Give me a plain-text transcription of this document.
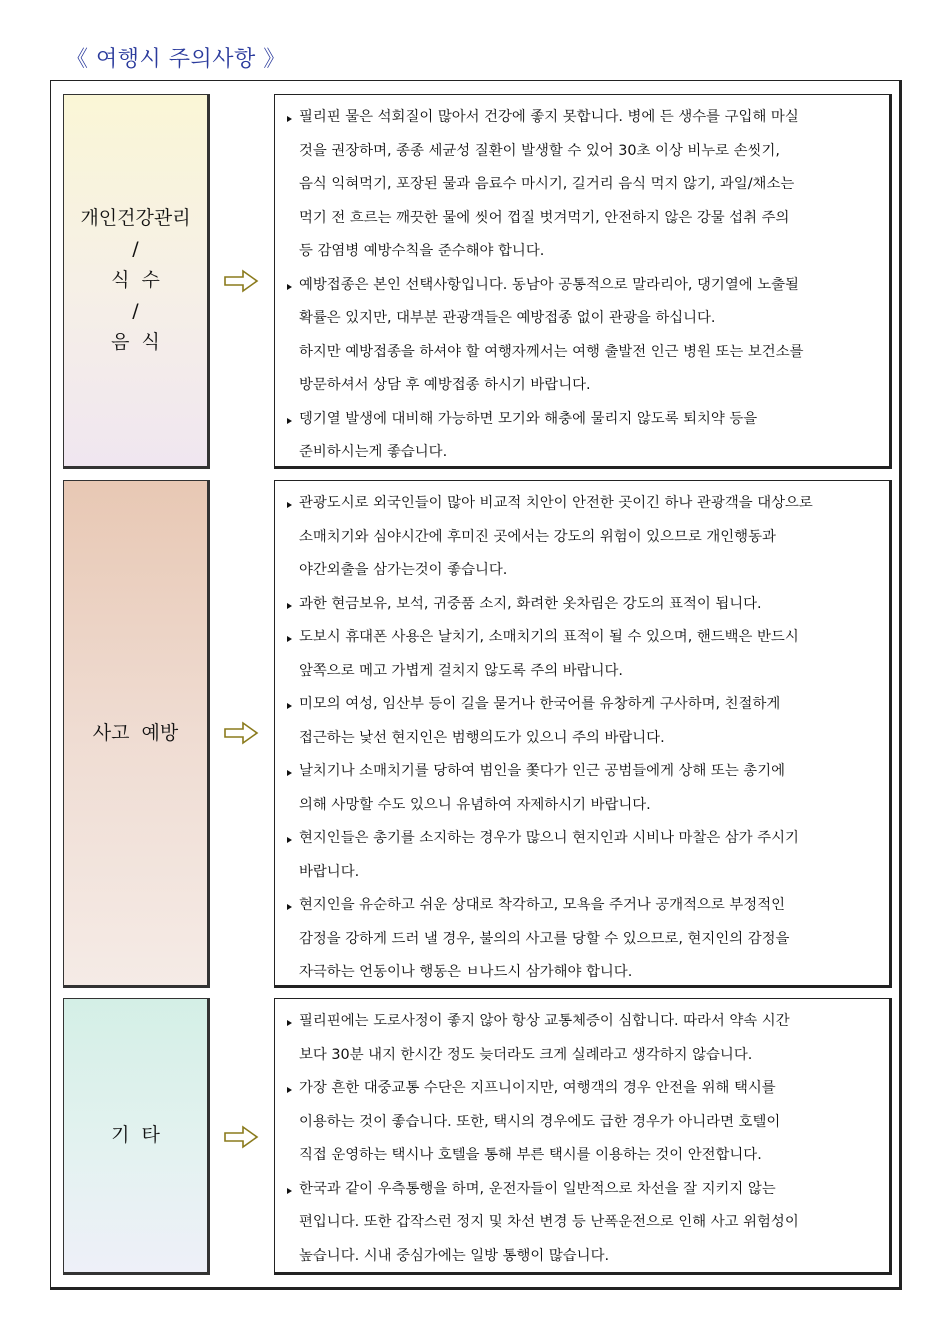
《 여행시 주의사항 》
개인건강관리
/
식  수
/
음  식
필리핀 물은 석회질이 많아서 건강에 좋지 못합니다. 병에 든 생수를 구입해 마실
것을 권장하며, 종종 세균성 질환이 발생할 수 있어 30초 이상 비누로 손씻기,
음식 익혀먹기, 포장된 물과 음료수 마시기, 길거리 음식 먹지 않기, 과일/채소는
먹기 전 흐르는 깨끗한 물에 씻어 껍질 벗겨먹기, 안전하지 않은 강물 섭취 주의
등 감염병 예방수칙을 준수해야 합니다.
예방접종은 본인 선택사항입니다. 동남아 공통적으로 말라리아, 댕기열에 노출될
확률은 있지만, 대부분 관광객들은 예방접종 없이 관광을 하십니다.
하지만 예방접종을 하셔야 할 여행자께서는 여행 출발전 인근 병원 또는 보건소를
방문하셔서 상담 후 예방접종 하시기 바랍니다.
뎅기열 발생에 대비해 가능하면 모기와 해충에 물리지 않도록 퇴치약 등을
준비하시는게 좋습니다.
사고  예방
관광도시로 외국인들이 많아 비교적 치안이 안전한 곳이긴 하나 관광객을 대상으로
소매치기와 심야시간에 후미진 곳에서는 강도의 위험이 있으므로 개인행동과
야간외출을 삼가는것이 좋습니다.
과한 현금보유, 보석, 귀중품 소지, 화려한 옷차림은 강도의 표적이 됩니다.
도보시 휴대폰 사용은 날치기, 소매치기의 표적이 될 수 있으며, 핸드백은 반드시
앞쪽으로 메고 가볍게 걸치지 않도록 주의 바랍니다.
미모의 여성, 임산부 등이 길을 묻거나 한국어를 유창하게 구사하며, 친절하게
접근하는 낯선 현지인은 범행의도가 있으니 주의 바랍니다.
날치기나 소매치기를 당하여 범인을 쫓다가 인근 공범들에게 상해 또는 총기에
의해 사망할 수도 있으니 유념하여 자제하시기 바랍니다.
현지인들은 총기를 소지하는 경우가 많으니 현지인과 시비나 마찰은 삼가 주시기
바랍니다.
현지인을 유순하고 쉬운 상대로 착각하고, 모욕을 주거나 공개적으로 부정적인
감정을 강하게 드러 낼 경우, 불의의 사고를 당할 수 있으므로, 현지인의 감정을
자극하는 언동이나 행동은 ㅂ나드시 삼가해야 합니다.
기  타
필리핀에는 도로사정이 좋지 않아 항상 교통체증이 심합니다. 따라서 약속 시간
보다 30분 내지 한시간 정도 늦더라도 크게 실례라고 생각하지 않습니다.
가장 흔한 대중교통 수단은 지프니이지만, 여행객의 경우 안전을 위해 택시를
이용하는 것이 좋습니다. 또한, 택시의 경우에도 급한 경우가 아니라면 호텔이
직접 운영하는 택시나 호텔을 통해 부른 택시를 이용하는 것이 안전합니다.
한국과 같이 우측통행을 하며, 운전자들이 일반적으로 차선을 잘 지키지 않는
편입니다. 또한 갑작스런 정지 및 차선 변경 등 난폭운전으로 인해 사고 위험성이
높습니다. 시내 중심가에는 일방 통행이 많습니다.
